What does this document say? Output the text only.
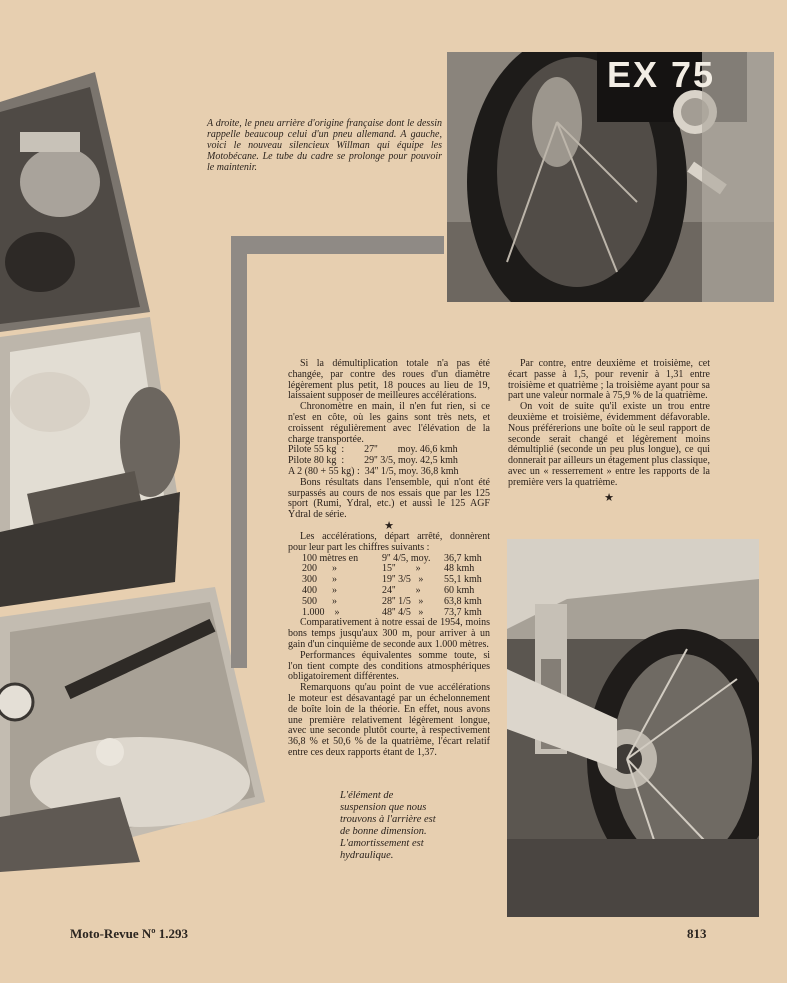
EX 75
A droite, le pneu arrière d'origine française dont le dessin rappelle beaucoup celui d'un pneu allemand. A gauche, voici le nouveau silencieux Willman qui équipe les Motobécane. Le tube du cadre se prolonge pour pouvoir le maintenir.

Si la démultiplication totale n'a pas été changée, par contre des roues d'un diamètre légèrement plus petit, 18 pouces au lieu de 19, laissaient supposer de meilleures accélérations.

Chronomètre en main, il n'en fut rien, si ce n'est en côte, où les gains sont très nets, et croissent régulièrement avec l'élévation de la charge transportée.

Pilote 55 kg  :        27''        moy. 46,6 kmh
Pilote 80 kg  :        29'' 3/5, moy. 42,5 kmh
A 2 (80 + 55 kg) :  34'' 1/5, moy. 36,8 kmh

Bons résultats dans l'ensemble, qui n'ont été surpassés au cours de nos essais que par les 125 sport (Rumi, Ydral, etc.) et aussi le 125 AGF Ydral de série.

★

Les accélérations, départ arrêté, donnèrent pour leur part les chiffres suivants :

100 mètres en	9'' 4/5, moy.	36,7 kmh
200      »	15''        »	48 kmh
300      »	19'' 3/5   »	55,1 kmh
400      »	24''        »	60 kmh
500      »	28'' 1/5   »	63,8 kmh
1.000    »	48'' 4/5   »	73,7 kmh

Comparativement à notre essai de 1954, moins bons temps jusqu'aux 300 m, pour arriver à un gain d'un cinquième de seconde aux 1.000 mètres.

Performances équivalentes somme toute, si l'on tient compte des conditions atmosphériques obligatoirement différentes.

Remarquons qu'au point de vue accélérations le moteur est désavantagé par un échelonnement de boîte loin de la théorie. En effet, nous avons une première relativement légèrement longue, avec une seconde plutôt courte, à respectivement 36,8 % et 50,6 % de la quatrième, l'écart relatif entre ces deux rapports étant de 1,37.

Par contre, entre deuxième et troisième, cet écart passe à 1,5, pour revenir à 1,31 entre troisième et quatrième ; la troisième ayant pour sa part une valeur normale à 75,9 % de la quatrième.

On voit de suite qu'il existe un trou entre deuxième et troisième, évidemment défavorable. Nous préférerions une boîte où le seul rapport de seconde serait changé et légèrement moins démultiplié (seconde un peu plus longue), ce qui donnerait par ailleurs un étagement plus classique, avec un « resserrement » entre les rapports de la première vers la quatrième.

★
L'élément de suspension que nous trouvons à l'arrière est de bonne dimension. L'amortissement est hydraulique.
Moto-Revue Nº 1.293	813
